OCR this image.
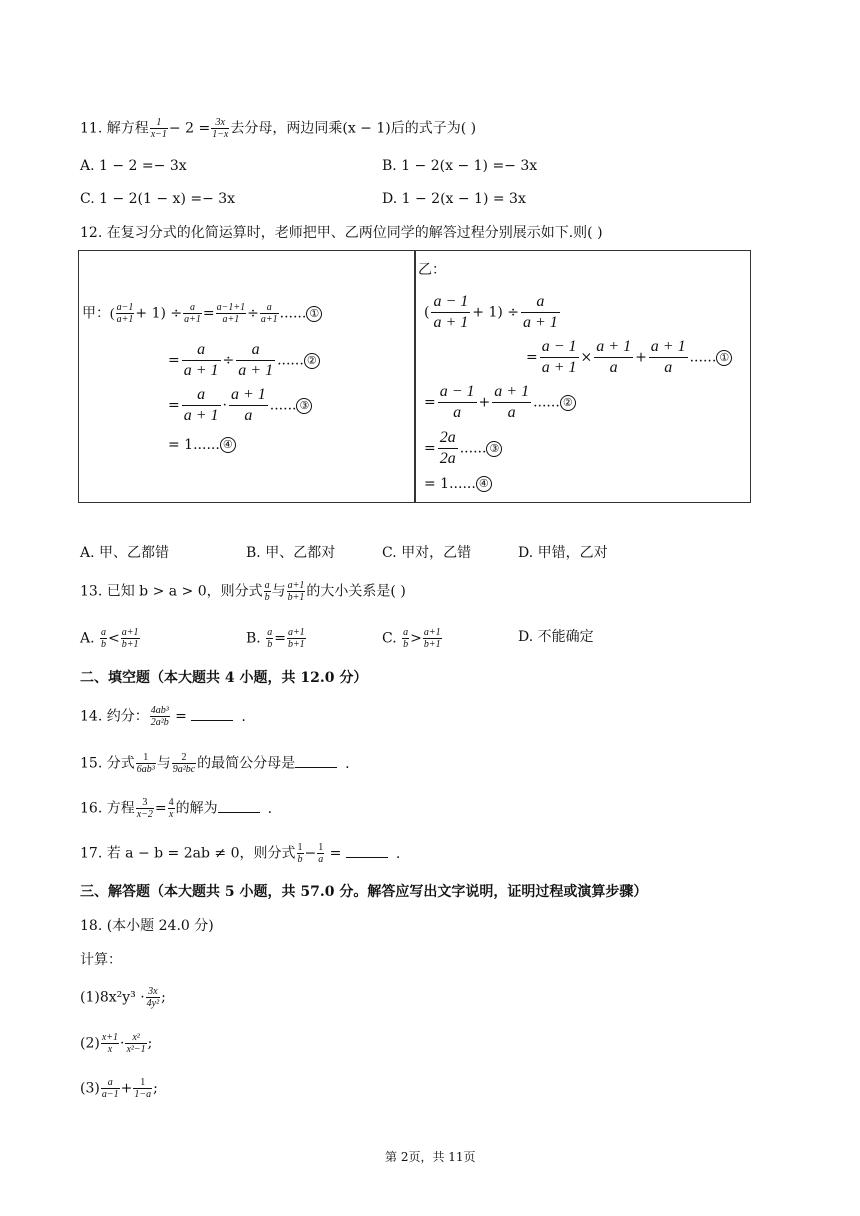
11. 解方程 $\frac{1}{x-1} - 2 = \frac{3x}{1-x}$ 去分母，两边同乘(x − 1)后的式子为( )
A. 1 − 2 =− 3x	B. 1 − 2(x − 1) =− 3x
C. 1 − 2(1 − x) =− 3x	D. 1 − 2(x − 1) = 3x
12. 在复习分式的化简运算时，老师把甲、乙两位同学的解答过程分别展示如下.则( )
甲：( $\frac{a-1}{a+1} + 1) \div \frac{a}{a+1} = \frac{a-1+1}{a+1} \div \frac{a}{a+1}$ ...... ①
= $\frac{a}{a + 1} \div \frac{a}{a + 1}$ ...... ②
= $\frac{a}{a + 1} \cdot \frac{a + 1}{a}$ ...... ③
= 1...... ④
乙：
( $\frac{a - 1}{a + 1} + 1) \div \frac{a}{a + 1}$
= $\frac{a - 1}{a + 1} \times \frac{a + 1}{a} + \frac{a + 1}{a}$ ...... ①
= $\frac{a - 1}{a} + \frac{a + 1}{a}$ ...... ②
= $\frac{2a}{2a}$ ...... ③
= 1...... ④
A. 甲、乙都错	B. 甲、乙都对	C. 甲对，乙错	D. 甲错，乙对
13. 已知 b > a > 0，则分式 $\frac{a}{b}$ 与 $\frac{a+1}{b+1}$ 的大小关系是( )
A. $\frac{a}{b} < \frac{a+1}{b+1}$	B. $\frac{a}{b} = \frac{a+1}{b+1}$	C. $\frac{a}{b} > \frac{a+1}{b+1}$	D. 不能确定
二、填空题（本大题共 4 小题，共 12.0 分）
14. 约分： $\frac{\text{4ab³}}{\text{2a²b}}$ =	.
15. 分式 $\frac{1}{\text{6ab³}}$ 与 $\frac{2}{\text{9a²bc}}$ 的最简公分母是	.
16. 方程 $\frac{3}{x-2} = \frac{4}{x}$ 的解为	.
17. 若 a − b = 2ab ≠ 0，则分式 $\frac{1}{b} - \frac{1}{a}$ =	.
三、解答题（本大题共 5 小题，共 57.0 分。解答应写出文字说明，证明过程或演算步骤）
18. (本小题 24.0 分)
计算：
$(1)8x^2y^3 \cdot \frac{3x}{\text{4y²}}$ ;
$(2) \frac{x+1}{x} \cdot \frac{\text{x²}}{\text{x²−1}}$ ;
$(3) \frac{a}{a-1} + \frac{1}{1-a}$ ;
第 2页，共 11页
